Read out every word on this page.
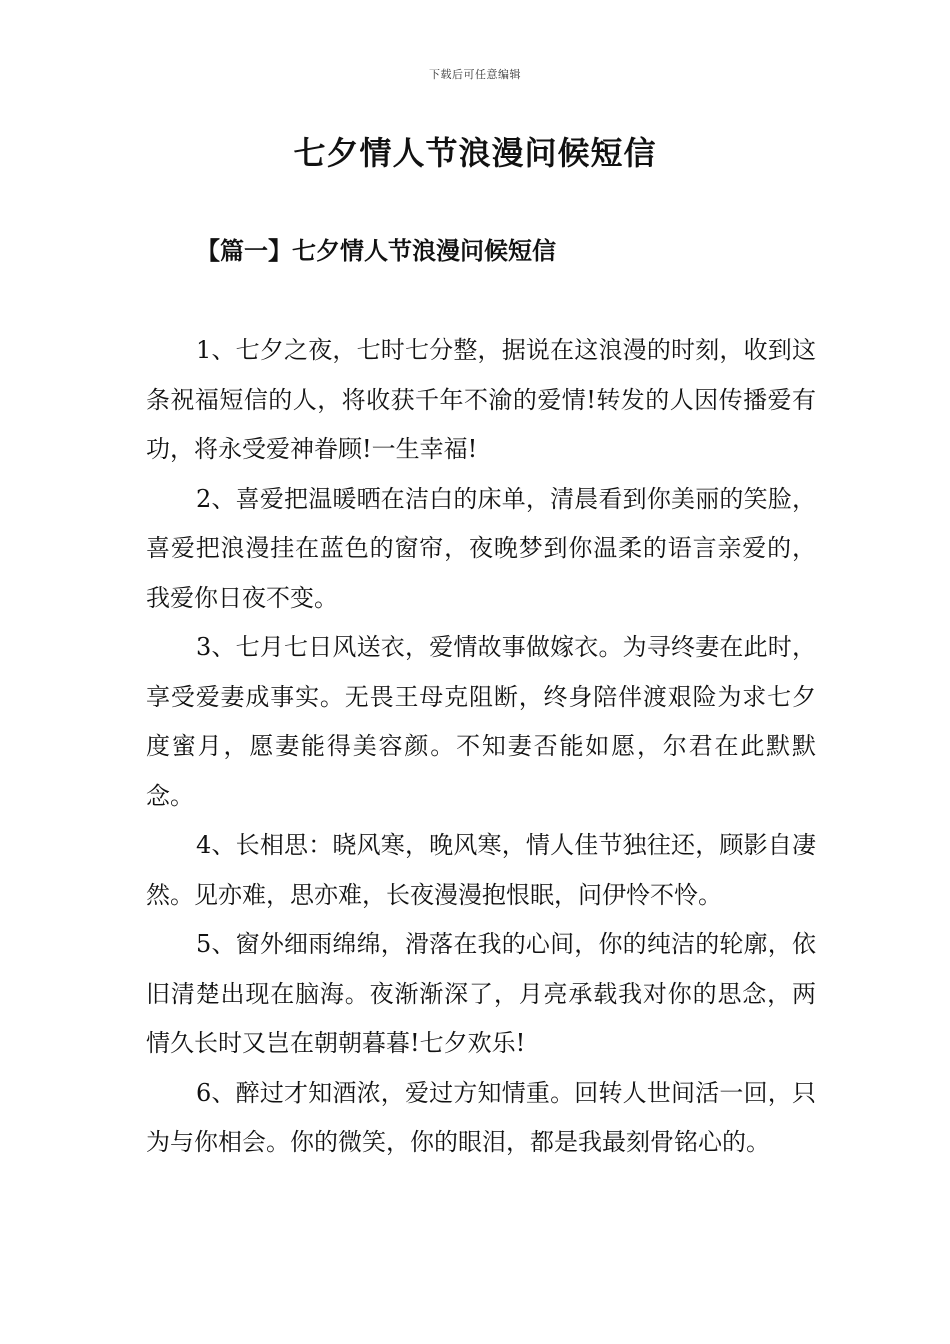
下载后可任意编辑
七夕情人节浪漫问候短信
【篇一】七夕情人节浪漫问候短信

1、七夕之夜，七时七分整，据说在这浪漫的时刻，收到这条祝福短信的人，将收获千年不渝的爱情!转发的人因传播爱有功，将永受爱神眷顾!一生幸福!

2、喜爱把温暖晒在洁白的床单，清晨看到你美丽的笑脸，喜爱把浪漫挂在蓝色的窗帘，夜晚梦到你温柔的语言亲爱的，我爱你日夜不变。

3、七月七日风送衣，爱情故事做嫁衣。为寻终妻在此时，享受爱妻成事实。无畏王母克阻断，终身陪伴渡艰险为求七夕度蜜月，愿妻能得美容颜。不知妻否能如愿，尔君在此默默念。

4、长相思：晓风寒，晚风寒，情人佳节独往还，顾影自凄然。见亦难，思亦难，长夜漫漫抱恨眠，问伊怜不怜。

5、窗外细雨绵绵，滑落在我的心间，你的纯洁的轮廓，依旧清楚出现在脑海。夜渐渐深了，月亮承载我对你的思念，两情久长时又岂在朝朝暮暮!七夕欢乐!

6、醉过才知酒浓，爱过方知情重。回转人世间活一回，只为与你相会。你的微笑，你的眼泪，都是我最刻骨铭心的。
